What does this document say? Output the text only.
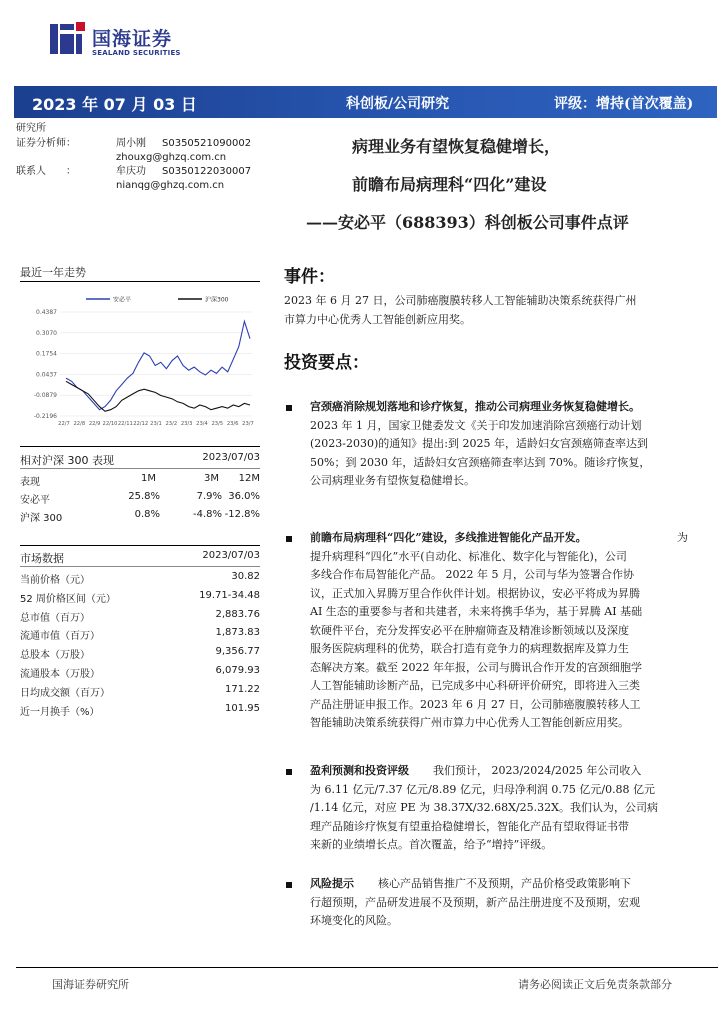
国海证券
SEALAND SECURITIES
2023 年 07 月 03 日	科创板/公司研究	评级：增持(首次覆盖)
研究所
证券分析师：	周小刚 S0350521090002
zhouxg@ghzq.com.cn
联系人 ：	牟庆功 S0350122030007
nianqg@ghzq.com.cn
病理业务有望恢复稳健增长，
前瞻布局病理科“四化”建设
——安必平（688393）科创板公司事件点评
最近一年走势
0.4387
0.3070
0.1754
0.0437
-0.0879
-0.2196
22/7 22/8 22/9 22/10 22/11 22/12 23/1 23/2 23/3 23/4 23/5 23/6 23/7
安必平	沪深300
相对沪深 300 表现	2023/07/03
表现	1M	3M 12M
安必平	25.8%	7.9% 36.0%
沪深 300	0.8%	-4.8% -12.8%
市场数据	2023/07/03
当前价格（元）	30.82
52 周价格区间（元）	19.71-34.48
总市值（百万）	2,883.76
流通市值（百万）	1,873.83
总股本（万股）	9,356.77
流通股本（万股）	6,079.93
日均成交额（百万）	171.22
近一月换手（%）	101.95
事件：
2023 年 6 月 27 日，公司肺癌腹膜转移人工智能辅助决策系统获得广州
市算力中心优秀人工智能创新应用奖。
投资要点：
宫颈癌消除规划落地和诊疗恢复，推动公司病理业务恢复稳健增长。
2023 年 1 月，国家卫健委发文《关于印发加速消除宫颈癌行动计划
(2023-2030)的通知》提出:到 2025 年，适龄妇女宫颈癌筛查率达到
50%；到 2030 年，适龄妇女宫颈癌筛查率达到 70%。随诊疗恢复，
公司病理业务有望恢复稳健增长。
前瞻布局病理科“四化”建设，多线推进智能化产品开发。	为
提升病理科“四化”水平(自动化、标准化、数字化与智能化)，公司
多线合作布局智能化产品。 2022 年 5 月，公司与华为签署合作协
议，正式加入昇腾万里合作伙伴计划。根据协议，安必平将成为昇腾
AI 生态的重要参与者和共建者，未来将携手华为，基于昇腾 AI 基础
软硬件平台，充分发挥安必平在肿瘤筛查及精准诊断领域以及深度
服务医院病理科的优势，联合打造有竞争力的病理数据库及算力生
态解决方案。截至 2022 年年报，公司与腾讯合作开发的宫颈细胞学
人工智能辅助诊断产品，已完成多中心科研评价研究，即将进入三类
产品注册证申报工作。2023 年 6 月 27 日，公司肺癌腹膜转移人工
智能辅助决策系统获得广州市算力中心优秀人工智能创新应用奖。
盈利预测和投资评级 我们预计， 2023/2024/2025 年公司收入
为 6.11 亿元/7.37 亿元/8.89 亿元，归母净利润 0.75 亿元/0.88 亿元
/1.14 亿元，对应 PE 为 38.37X/32.68X/25.32X。我们认为，公司病
理产品随诊疗恢复有望重拾稳健增长，智能化产品有望取得证书带
来新的业绩增长点。首次覆盖，给予“增持”评级。
风险提示 核心产品销售推广不及预期，产品价格受政策影响下
行超预期，产品研发进展不及预期，新产品注册进度不及预期，宏观
环境变化的风险。
国海证券研究所	请务必阅读正文后免责条款部分
